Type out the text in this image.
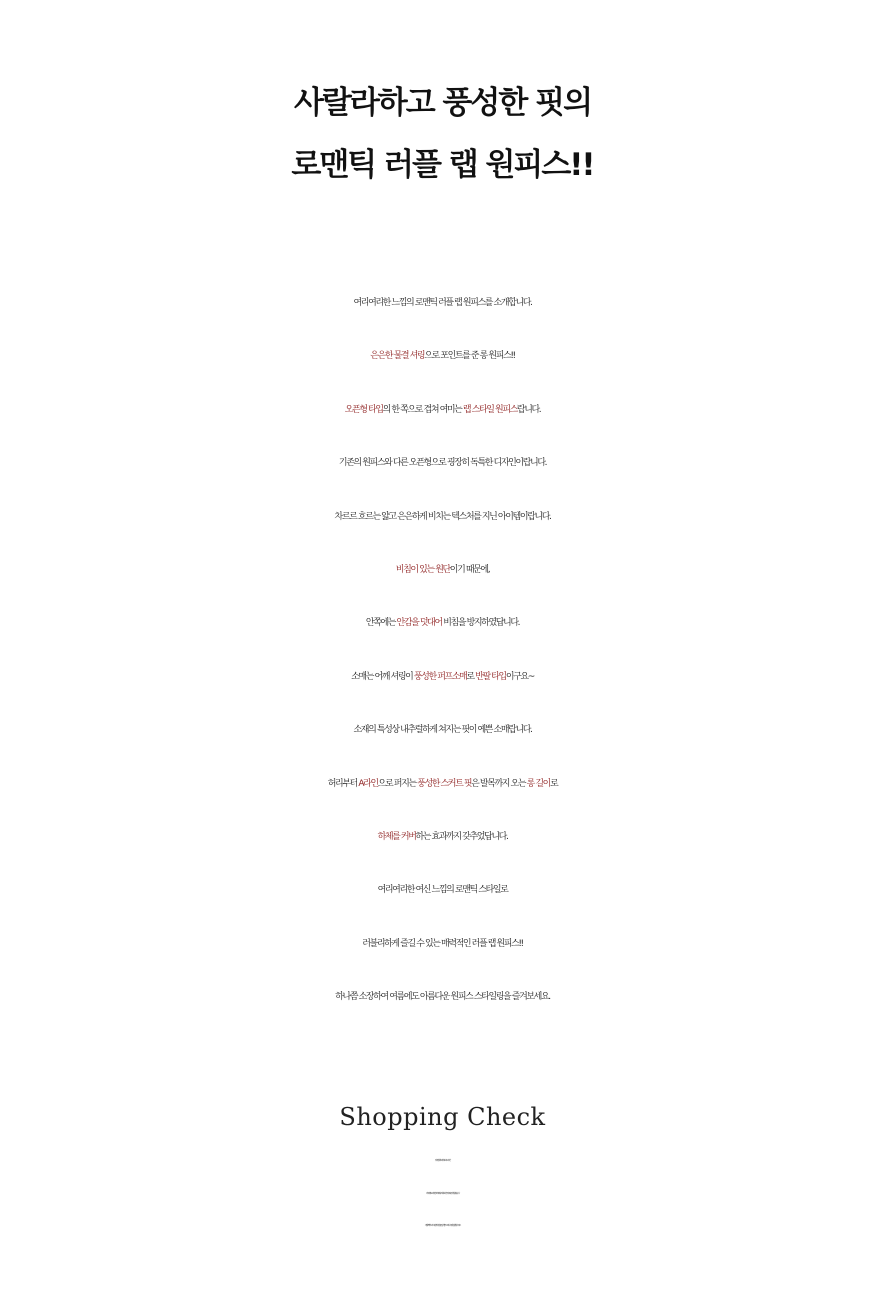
사랄라하고 풍성한 핏의
로맨틱 러플 랩 원피스!!
여리여리한 느낌의 로맨틱 러플 랩 원피스를 소개합니다.
은은한 물결 셔링으로 포인트를 준 롱 원피스!!
오픈형 타입의 한 쪽으로 겹쳐 여미는 랩 스타일 원피스랍니다.
기존의 원피스와 다른 오픈형으로 굉장히 독특한 디자인이랍니다.
차르르 흐르는 얇고 은은하게 비치는 텍스처를 지닌 아이템이랍니다.
비침이 있는 원단이기 때문에,
안쪽에는 안감을 덧대어 비침을 방지하였답니다.
소매는 어깨 셔링이 풍성한 퍼프소매로 반팔 타입이구요~
소재의 특성상 내추럴하게 쳐지는 핏이 예쁜 소매랍니다.
허리부터 A라인으로 퍼지는 풍성한 스커트 핏은 발목까지 오는 롱 길이로
하체를 커버하는 효과까지 갖추었답니다.
여리여리한 여신 느낌의 로맨틱 스타일로
러블리하게 즐길 수 있는 매력적인 러플 랩 원피스!!
하나쯤 소장하여 여름에도 아름다운 원피스 스타일링을 즐겨보세요.
Shopping Check
정성껏 검수 후 포장하여 보내드리지만
하루, 이틀 정도 포장이 된 상태에서 배송이 되다 보니 받으셨을 때 구김이 생길 수 있습니다.
이점 양해 부탁드리며 구김이 많이 간 상품은 입기 전 물 스프레이나 스팀 다림질 후 입어주세요
